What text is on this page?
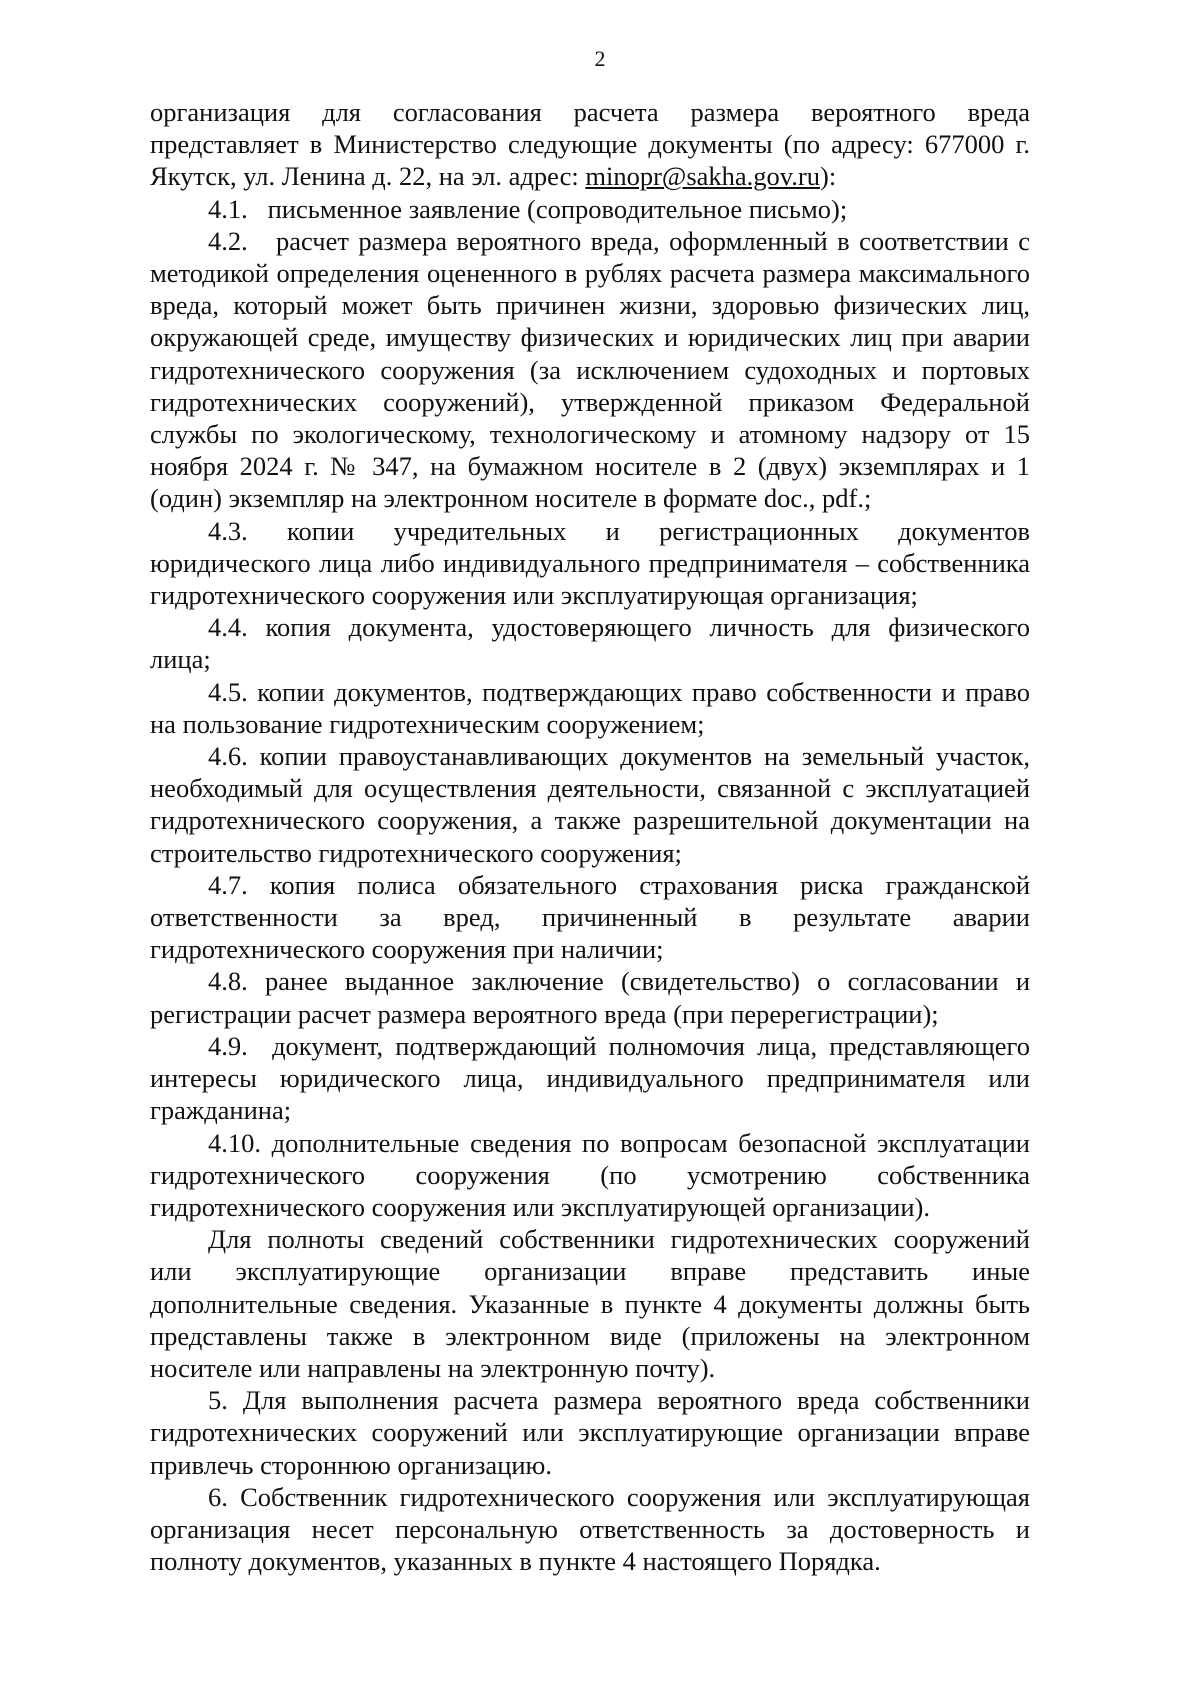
2

организация для согласования расчета размера вероятного вреда представляет в Министерство следующие документы (по адресу: 677000 г. Якутск, ул. Ленина д. 22, на эл. адрес: minopr@sakha.gov.ru):

4.1. письменное заявление (сопроводительное письмо);

4.2. расчет размера вероятного вреда, оформленный в соответствии с методикой определения оцененного в рублях расчета размера максимального вреда, который может быть причинен жизни, здоровью физических лиц, окружающей среде, имуществу физических и юридических лиц при аварии гидротехнического сооружения (за исключением судоходных и портовых гидротехнических сооружений), утвержденной приказом Федеральной службы по экологическому, технологическому и атомному надзору от 15 ноября 2024 г. № 347, на бумажном носителе в 2 (двух) экземплярах и 1 (один) экземпляр на электронном носителе в формате doc., pdf.;

4.3. копии учредительных и регистрационных документов юридического лица либо индивидуального предпринимателя – собственника гидротехнического сооружения или эксплуатирующая организация;

4.4. копия документа, удостоверяющего личность для физического лица;

4.5. копии документов, подтверждающих право собственности и право на пользование гидротехническим сооружением;

4.6. копии правоустанавливающих документов на земельный участок, необходимый для осуществления деятельности, связанной с эксплуатацией гидротехнического сооружения, а также разрешительной документации на строительство гидротехнического сооружения;

4.7. копия полиса обязательного страхования риска гражданской ответственности за вред, причиненный в результате аварии гидротехнического сооружения при наличии;

4.8. ранее выданное заключение (свидетельство) о согласовании и регистрации расчет размера вероятного вреда (при перерегистрации);

4.9. документ, подтверждающий полномочия лица, представляющего интересы юридического лица, индивидуального предпринимателя или гражданина;

4.10. дополнительные сведения по вопросам безопасной эксплуатации гидротехнического сооружения (по усмотрению собственника гидротехнического сооружения или эксплуатирующей организации).

Для полноты сведений собственники гидротехнических сооружений или эксплуатирующие организации вправе представить иные дополнительные сведения. Указанные в пункте 4 документы должны быть представлены также в электронном виде (приложены на электронном носителе или направлены на электронную почту).

5. Для выполнения расчета размера вероятного вреда собственники гидротехнических сооружений или эксплуатирующие организации вправе привлечь стороннюю организацию.

6. Собственник гидротехнического сооружения или эксплуатирующая организация несет персональную ответственность за достоверность и полноту документов, указанных в пункте 4 настоящего Порядка.
